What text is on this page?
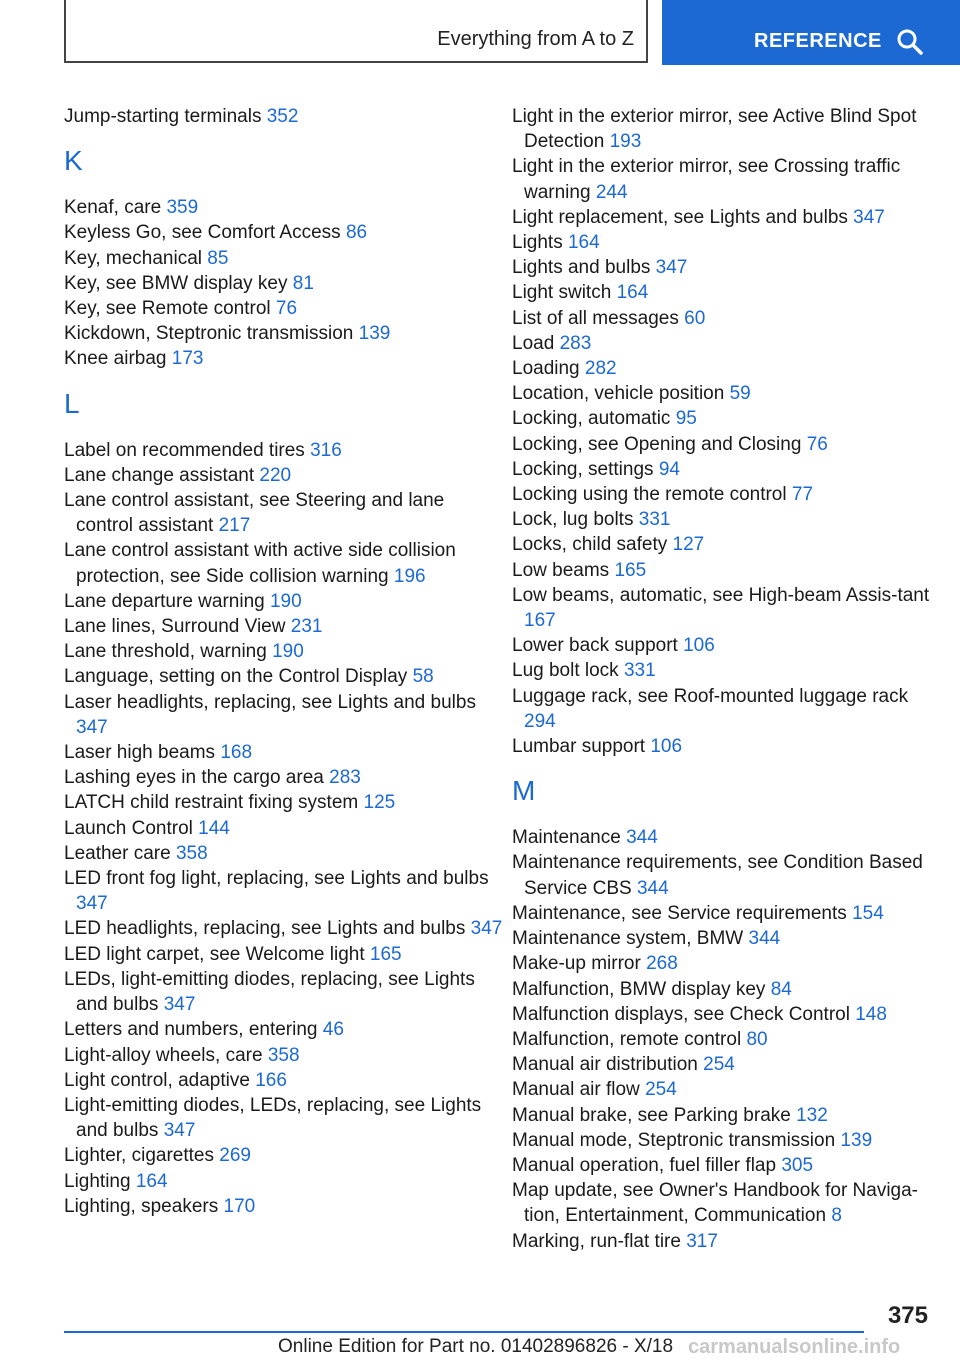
Everything from A to Z	REFERENCE

Jump-starting terminals 352

K

Kenaf, care 359

Keyless Go, see Comfort Access 86

Key, mechanical 85

Key, see BMW display key 81

Key, see Remote control 76

Kickdown, Steptronic transmission 139

Knee airbag 173

L

Label on recommended tires 316

Lane change assistant 220

Lane control assistant, see Steering and lane control assistant 217

Lane control assistant with active side collision protection, see Side collision warning 196

Lane departure warning 190

Lane lines, Surround View 231

Lane threshold, warning 190

Language, setting on the Control Display 58

Laser headlights, replacing, see Lights and bulbs 347

Laser high beams 168

Lashing eyes in the cargo area 283

LATCH child restraint fixing system 125

Launch Control 144

Leather care 358

LED front fog light, replacing, see Lights and bulbs 347

LED headlights, replacing, see Lights and bulbs 347

LED light carpet, see Welcome light 165

LEDs, light-emitting diodes, replacing, see Lights and bulbs 347

Letters and numbers, entering 46

Light-alloy wheels, care 358

Light control, adaptive 166

Light-emitting diodes, LEDs, replacing, see Lights and bulbs 347

Lighter, cigarettes 269

Lighting 164

Lighting, speakers 170

Light in the exterior mirror, see Active Blind Spot Detection 193

Light in the exterior mirror, see Crossing traffic warning 244

Light replacement, see Lights and bulbs 347

Lights 164

Lights and bulbs 347

Light switch 164

List of all messages 60

Load 283

Loading 282

Location, vehicle position 59

Locking, automatic 95

Locking, see Opening and Closing 76

Locking, settings 94

Locking using the remote control 77

Lock, lug bolts 331

Locks, child safety 127

Low beams 165

Low beams, automatic, see High-beam Assis-tant 167

Lower back support 106

Lug bolt lock 331

Luggage rack, see Roof-mounted luggage rack 294

Lumbar support 106

M

Maintenance 344

Maintenance requirements, see Condition Based Service CBS 344

Maintenance, see Service requirements 154

Maintenance system, BMW 344

Make-up mirror 268

Malfunction, BMW display key 84

Malfunction displays, see Check Control 148

Malfunction, remote control 80

Manual air distribution 254

Manual air flow 254

Manual brake, see Parking brake 132

Manual mode, Steptronic transmission 139

Manual operation, fuel filler flap 305

Map update, see Owner's Handbook for Naviga-tion, Entertainment, Communication 8

Marking, run-flat tire 317

375
Online Edition for Part no. 01402896826 - X/18 carmanualsonline.info
